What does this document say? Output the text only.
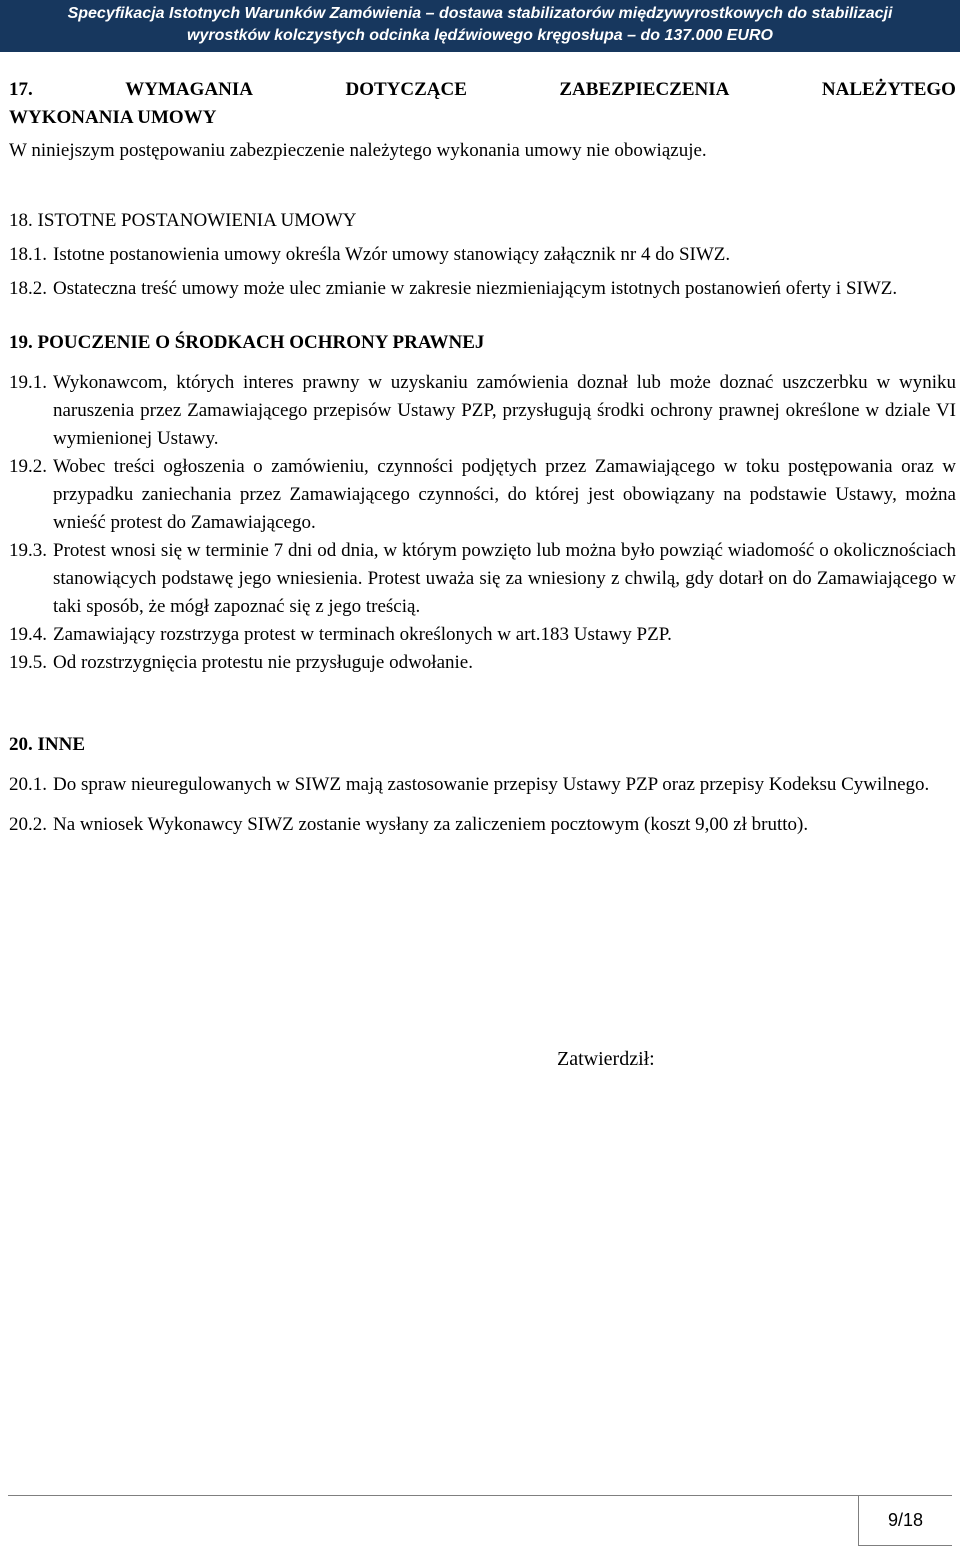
Specyfikacja Istotnych Warunków Zamówienia – dostawa stabilizatorów międzywyrostkowych do stabilizacji
wyrostków kolczystych odcinka lędźwiowego kręgosłupa – do 137.000 EURO
17.	WYMAGANIA	DOTYCZĄCE	ZABEZPIECZENIA	NALEŻYTEGO
WYKONANIA UMOWY

W niniejszym postępowaniu zabezpieczenie należytego wykonania umowy nie obowiązuje.

18. ISTOTNE POSTANOWIENIA UMOWY
18.1. Istotne postanowienia umowy określa Wzór umowy stanowiący załącznik nr 4 do SIWZ.
18.2. Ostateczna treść umowy może ulec zmianie w zakresie niezmieniającym istotnych postanowień oferty i SIWZ.
19. POUCZENIE O ŚRODKACH OCHRONY PRAWNEJ
19.1. Wykonawcom, których interes prawny w uzyskaniu zamówienia doznał lub może doznać uszczerbku w wyniku naruszenia przez Zamawiającego przepisów Ustawy PZP, przysługują środki ochrony prawnej określone w dziale VI wymienionej Ustawy.
19.2. Wobec treści ogłoszenia o zamówieniu, czynności podjętych przez Zamawiającego w toku postępowania oraz w przypadku zaniechania przez Zamawiającego czynności, do której jest obowiązany na podstawie Ustawy, można wnieść protest do Zamawiającego.
19.3. Protest wnosi się w terminie 7 dni od dnia, w którym powzięto lub można było powziąć wiadomość o okolicznościach stanowiących podstawę jego wniesienia. Protest uważa się za wniesiony z chwilą, gdy dotarł on do Zamawiającego w taki sposób, że mógł zapoznać się z jego treścią.
19.4. Zamawiający rozstrzyga protest w terminach określonych w art.183 Ustawy PZP.
19.5. Od rozstrzygnięcia protestu nie przysługuje odwołanie.
20. INNE
20.1. Do spraw nieuregulowanych w SIWZ mają zastosowanie przepisy Ustawy PZP oraz przepisy Kodeksu Cywilnego.
20.2. Na wniosek Wykonawcy SIWZ zostanie wysłany za zaliczeniem pocztowym (koszt 9,00 zł brutto).
Zatwierdził:
9/18
